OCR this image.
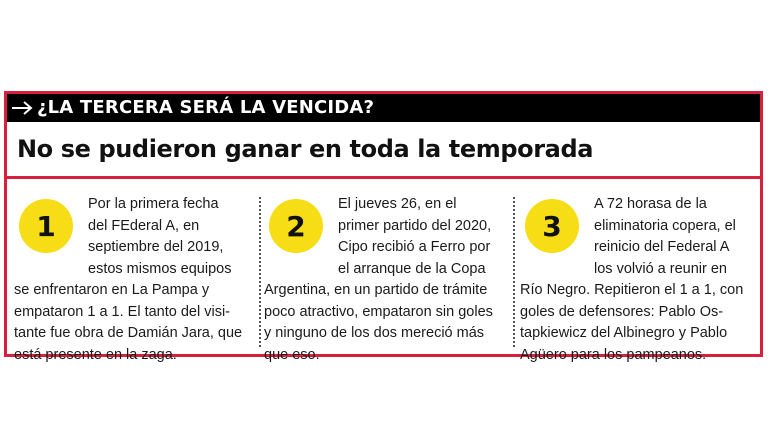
¿LA TERCERA SERÁ LA VENCIDA?
No se pudieron ganar en toda la temporada
1

Por la primera fecha
del FEderal A, en
septiembre del 2019,
estos mismos equipos
se enfrentaron en La Pampa y
empataron 1 a 1. El tanto del visi-
tante fue obra de Damián Jara, que
está presente en la zaga.

2

El jueves 26, en el
primer partido del 2020,
Cipo recibió a Ferro por
el arranque de la Copa
Argentina, en un partido de trámite
poco atractivo, empataron sin goles
y ninguno de los dos mereció más
que eso.

3

A 72 horasa de la
eliminatoria copera, el
reinicio del Federal A
los volvió a reunir en
Río Negro. Repitieron el 1 a 1, con
goles de defensores: Pablo Os-
tapkiewicz del Albinegro y Pablo
Agüero para los pampeanos.
